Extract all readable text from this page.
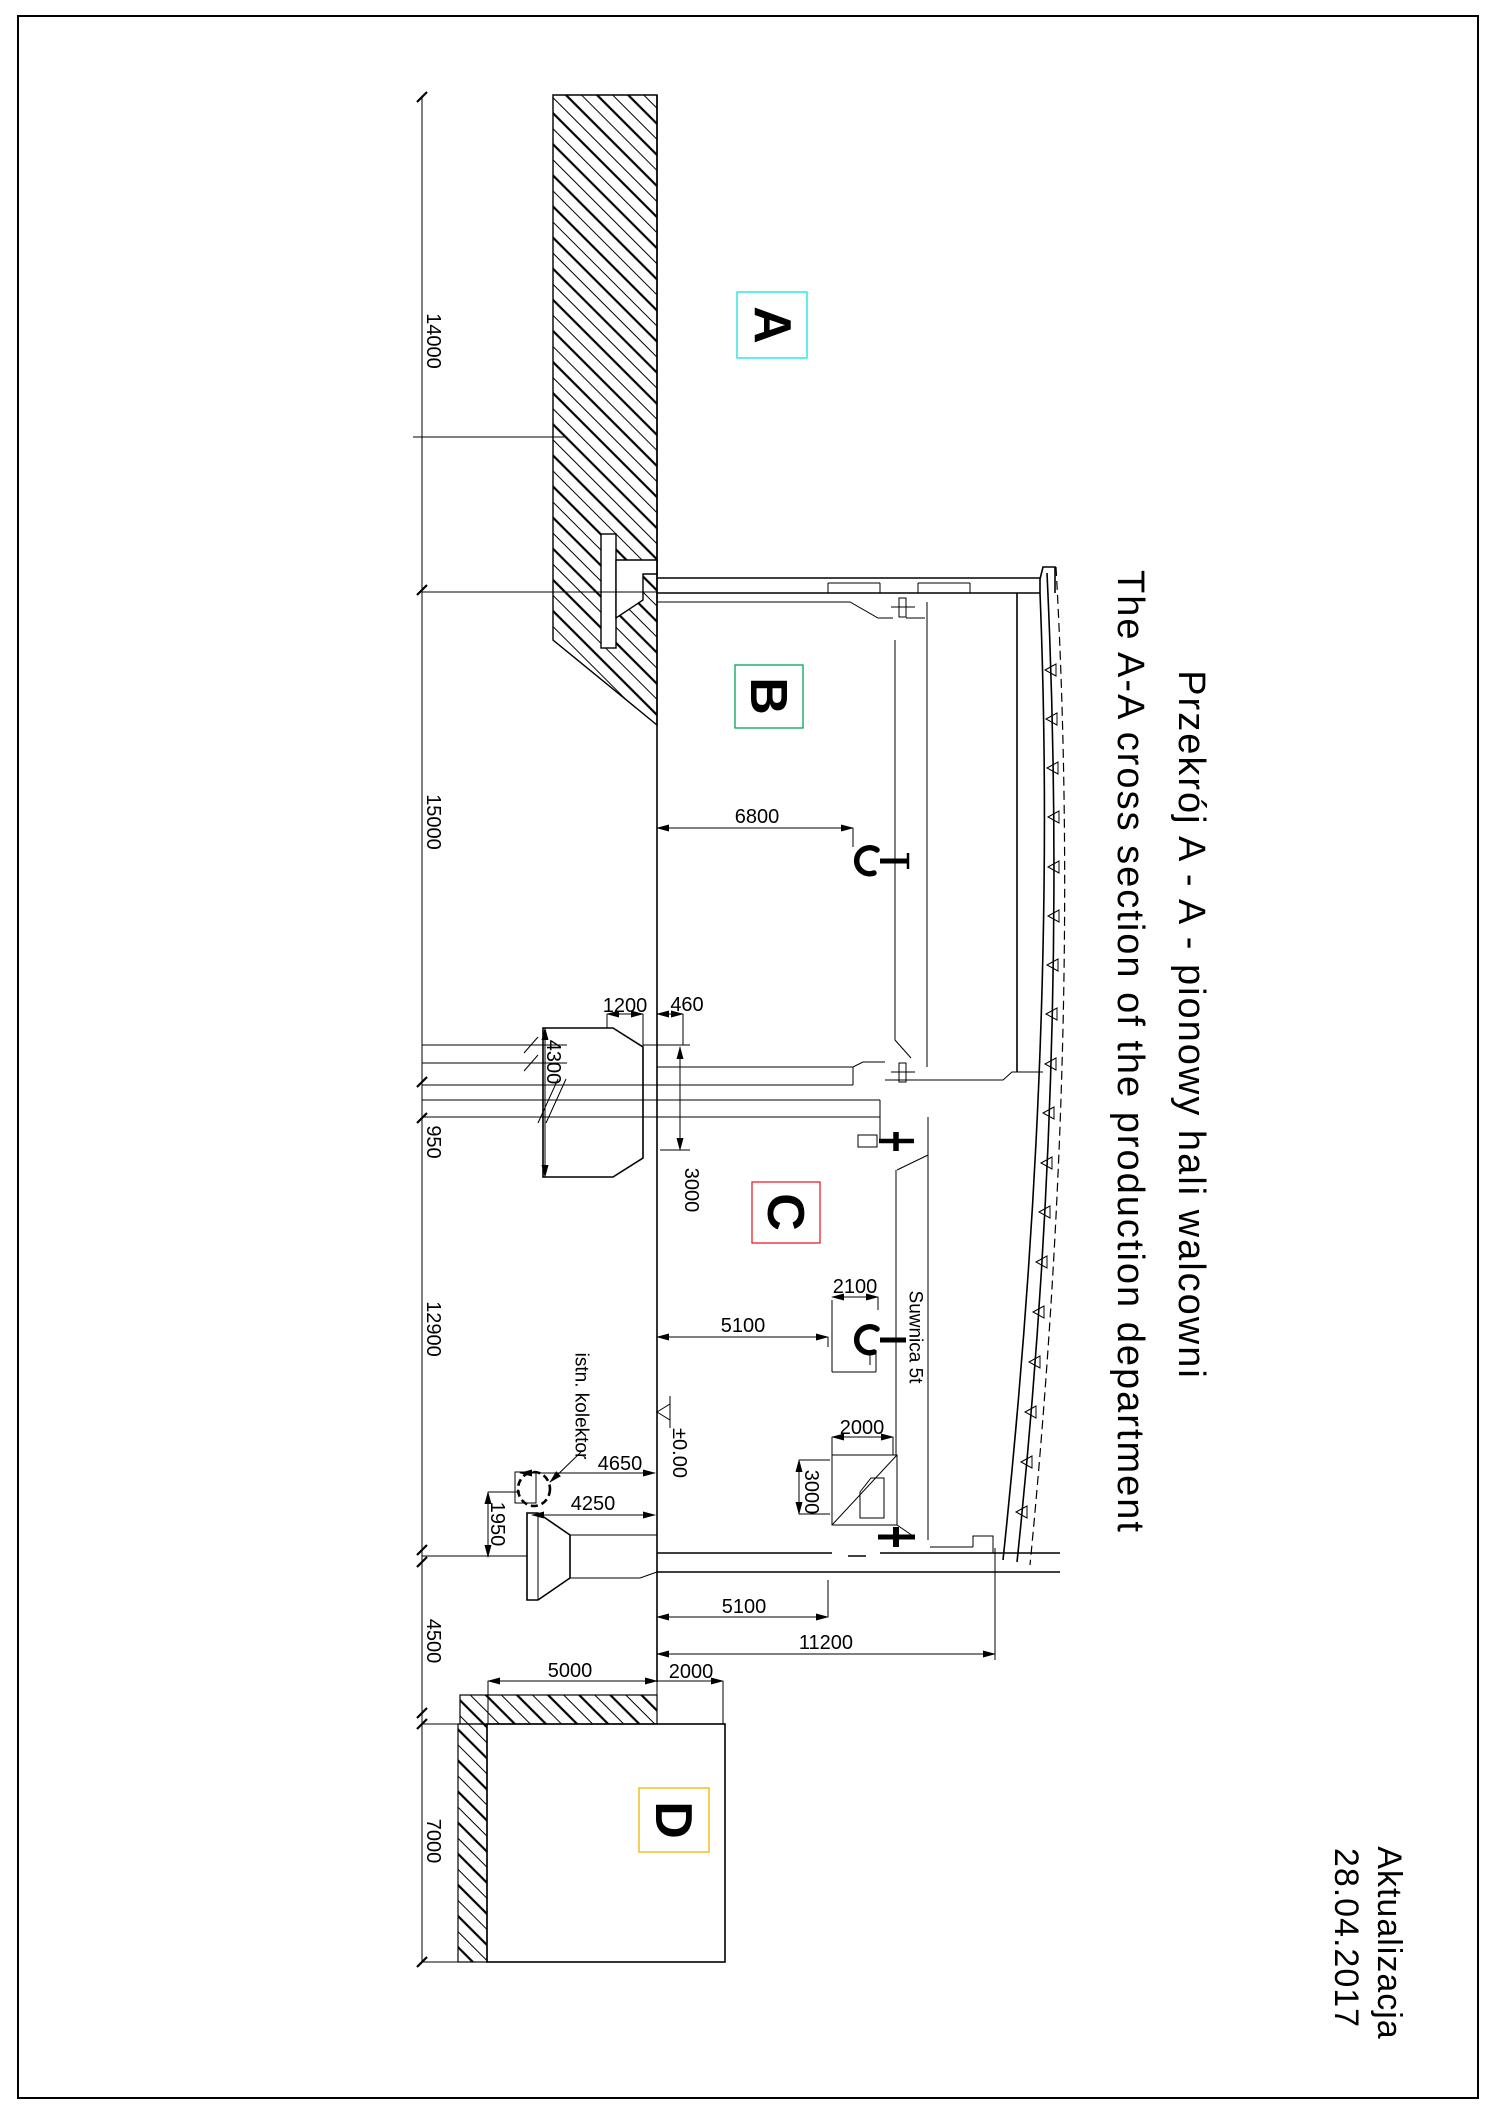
14000
15000
950
12900
4500
7000
6800
1200 460
4300
3000
2100
5100
2000
3000
4650
4250
1950
5100
11200
5000	2000
Suwnica 5t
istn. kolektor	±0.00
A
B
C
D
Przekrój A - A - pionowy hali walcowni
The A-A cross section of the production department
Aktualizacja
28.04.2017
